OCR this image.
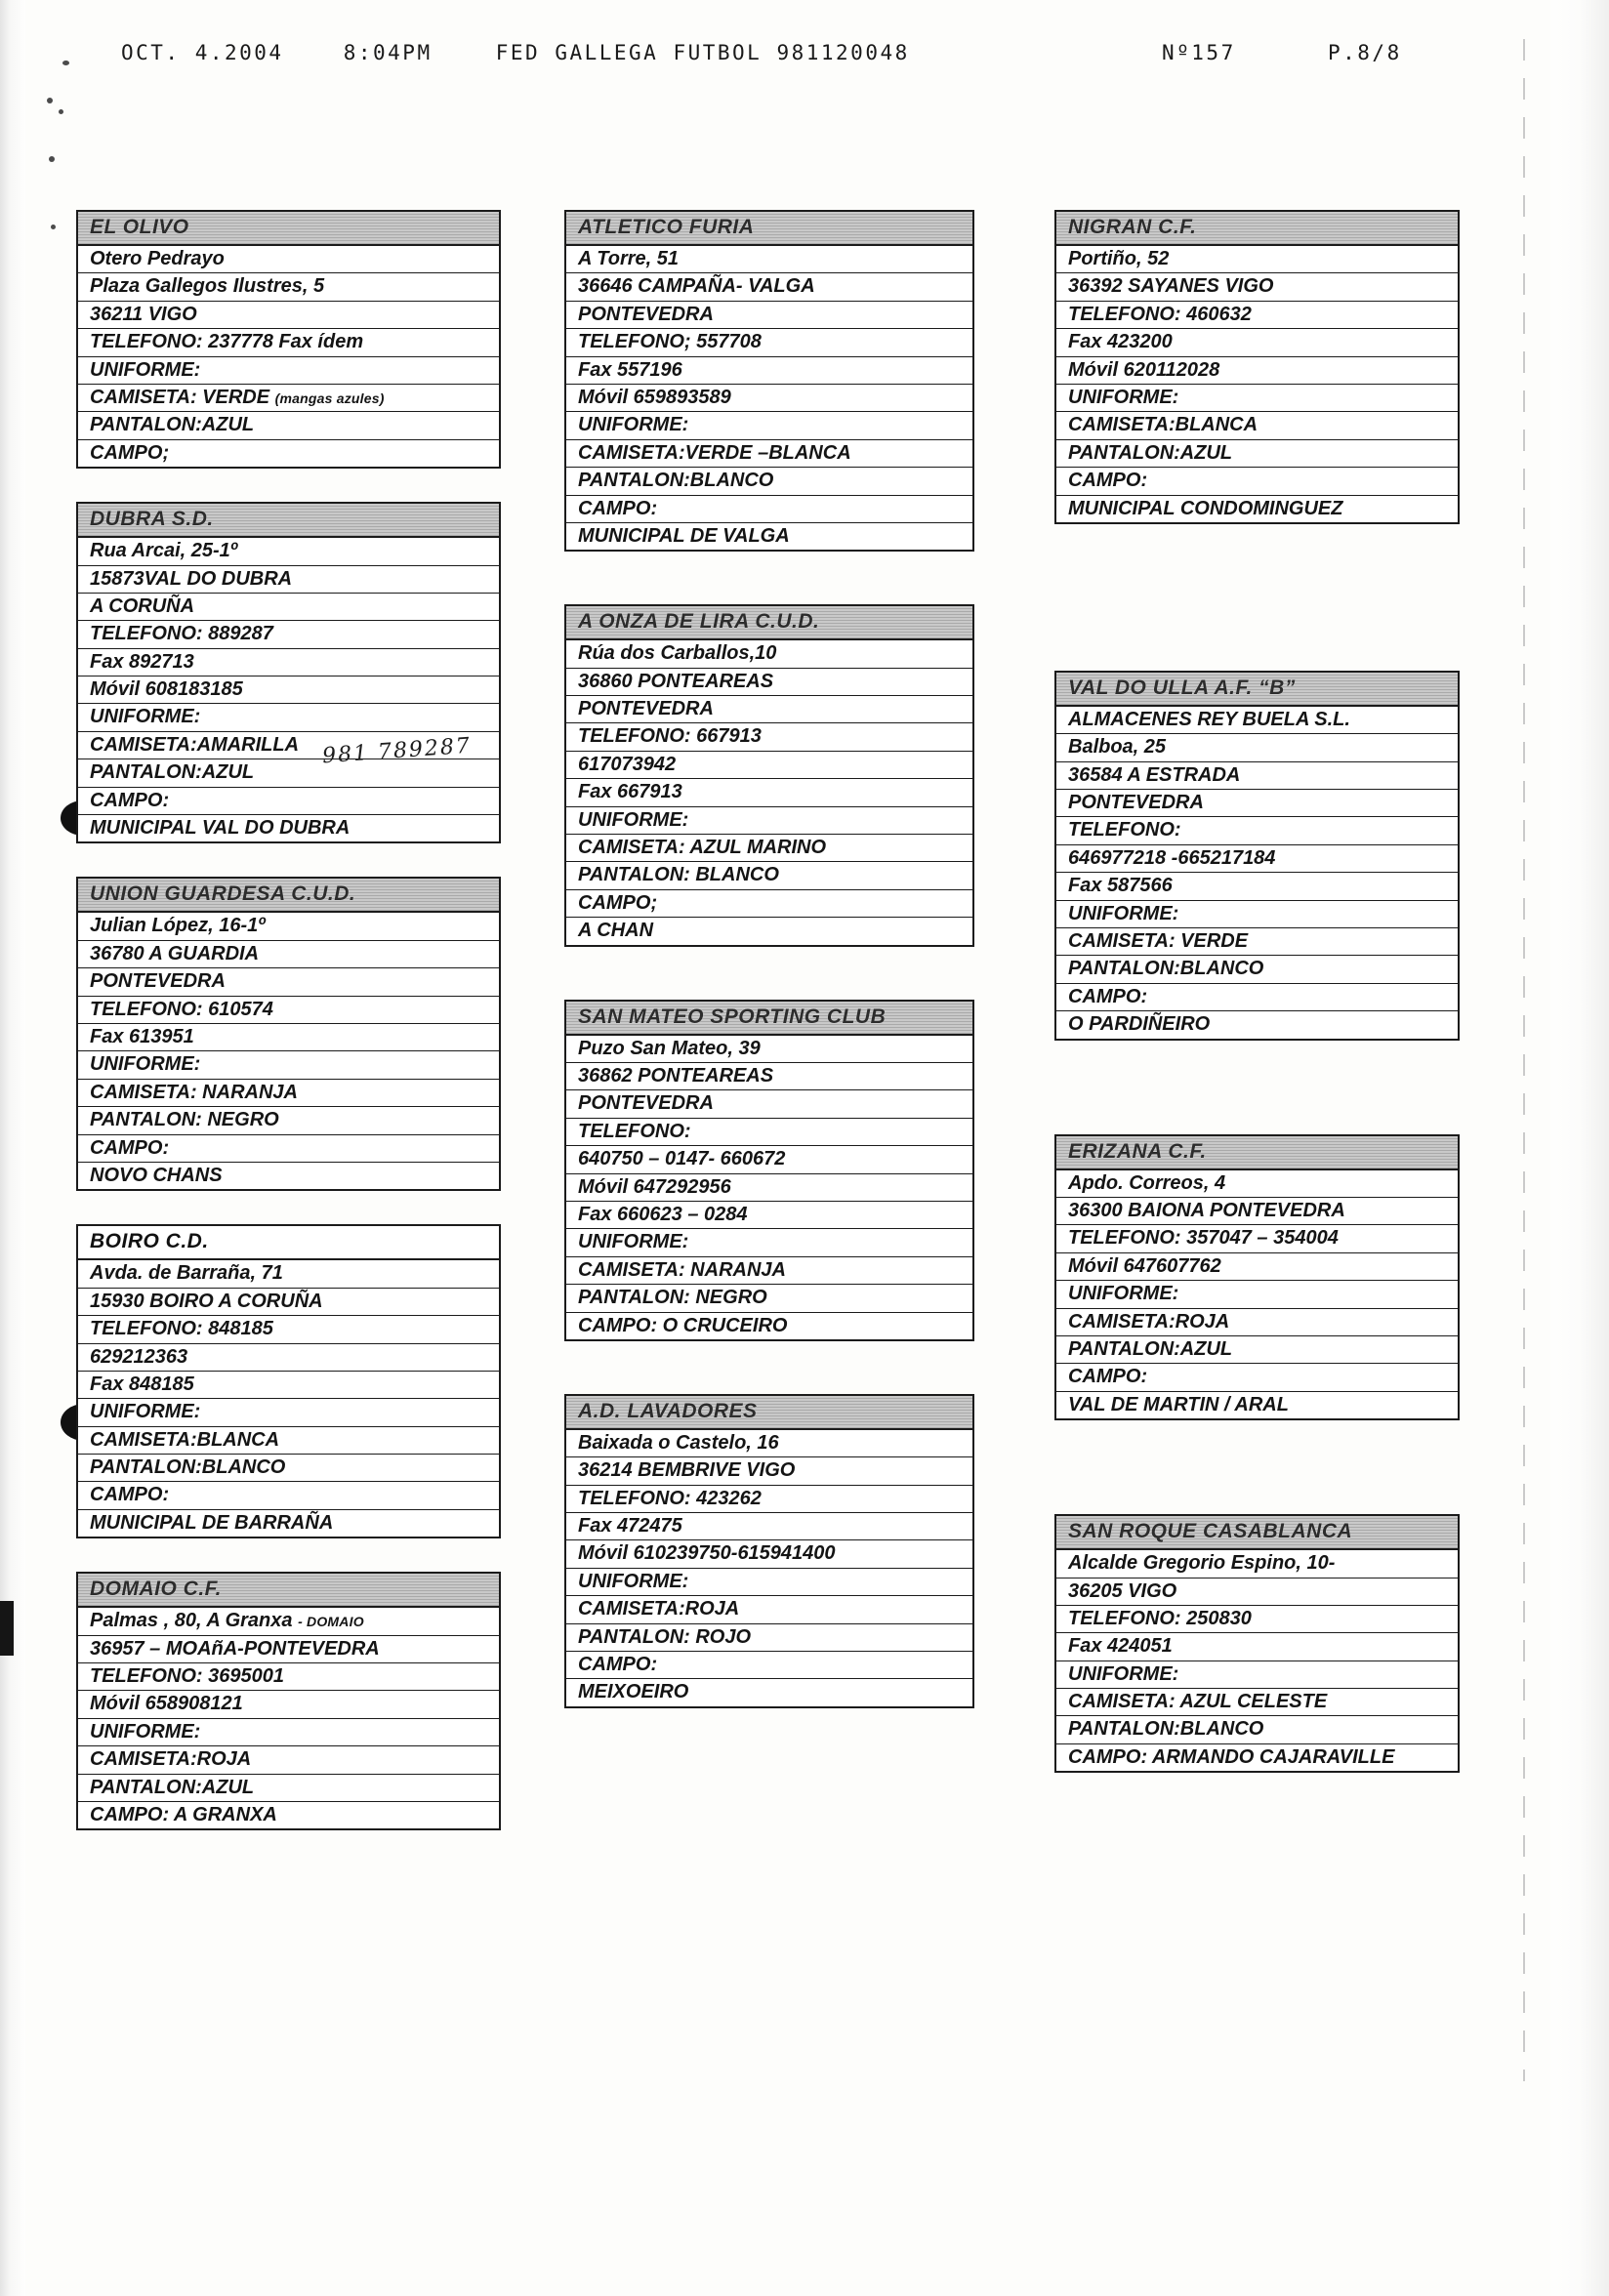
OCT. 4.2004	8:04PM	FED GALLEGA FUTBOL 981120048	Nº157	P.8/8
EL OLIVO
Otero Pedrayo
Plaza Gallegos Ilustres, 5
36211 VIGO
TELEFONO: 237778 Fax ídem
UNIFORME:
CAMISETA: VERDE (mangas azules)
PANTALON:AZUL
CAMPO;
DUBRA S.D.
Rua Arcai, 25-1º
15873VAL DO DUBRA
A CORUÑA
TELEFONO: 889287
Fax 892713
Móvil 608183185
UNIFORME:
CAMISETA:AMARILLA
PANTALON:AZUL
CAMPO:
MUNICIPAL VAL DO DUBRA
UNION GUARDESA C.U.D.
Julian López, 16-1º
36780 A GUARDIA
PONTEVEDRA
TELEFONO: 610574
Fax 613951
UNIFORME:
CAMISETA: NARANJA
PANTALON: NEGRO
CAMPO:
NOVO CHANS
BOIRO C.D.
Avda. de Barraña, 71
15930 BOIRO A CORUÑA
TELEFONO: 848185
629212363
Fax 848185
UNIFORME:
CAMISETA:BLANCA
PANTALON:BLANCO
CAMPO:
MUNICIPAL DE BARRAÑA
DOMAIO C.F.
Palmas , 80, A Granxa - DOMAIO
36957 – MOAñA-PONTEVEDRA
TELEFONO: 3695001
Móvil 658908121
UNIFORME:
CAMISETA:ROJA
PANTALON:AZUL
CAMPO: A GRANXA
ATLETICO FURIA
A Torre, 51
36646 CAMPAÑA- VALGA
PONTEVEDRA
TELEFONO; 557708
Fax 557196
Móvil 659893589
UNIFORME:
CAMISETA:VERDE –BLANCA
PANTALON:BLANCO
CAMPO:
MUNICIPAL DE VALGA
A ONZA DE LIRA C.U.D.
Rúa dos Carballos,10
36860 PONTEAREAS
PONTEVEDRA
TELEFONO: 667913
617073942
Fax 667913
UNIFORME:
CAMISETA: AZUL MARINO
PANTALON: BLANCO
CAMPO;
A CHAN
SAN MATEO SPORTING CLUB
Puzo San Mateo, 39
36862 PONTEAREAS
PONTEVEDRA
TELEFONO:
640750 – 0147- 660672
Móvil 647292956
Fax 660623 – 0284
UNIFORME:
CAMISETA: NARANJA
PANTALON: NEGRO
CAMPO: O CRUCEIRO
A.D. LAVADORES
Baixada o Castelo, 16
36214 BEMBRIVE VIGO
TELEFONO: 423262
Fax 472475
Móvil 610239750-615941400
UNIFORME:
CAMISETA:ROJA
PANTALON: ROJO
CAMPO:
MEIXOEIRO
NIGRAN C.F.
Portiño, 52
36392 SAYANES VIGO
TELEFONO: 460632
Fax 423200
Móvil 620112028
UNIFORME:
CAMISETA:BLANCA
PANTALON:AZUL
CAMPO:
MUNICIPAL CONDOMINGUEZ
VAL DO ULLA A.F. “B”
ALMACENES REY BUELA S.L.
Balboa, 25
36584 A ESTRADA
PONTEVEDRA
TELEFONO:
646977218 -665217184
Fax 587566
UNIFORME:
CAMISETA: VERDE
PANTALON:BLANCO
CAMPO:
O PARDIÑEIRO
ERIZANA C.F.
Apdo. Correos, 4
36300 BAIONA PONTEVEDRA
TELEFONO: 357047 – 354004
Móvil 647607762
UNIFORME:
CAMISETA:ROJA
PANTALON:AZUL
CAMPO:
VAL DE MARTIN / ARAL
SAN ROQUE CASABLANCA
Alcalde Gregorio Espino, 10-
36205 VIGO
TELEFONO: 250830
Fax 424051
UNIFORME:
CAMISETA: AZUL CELESTE
PANTALON:BLANCO
CAMPO: ARMANDO CAJARAVILLE
981 789287
